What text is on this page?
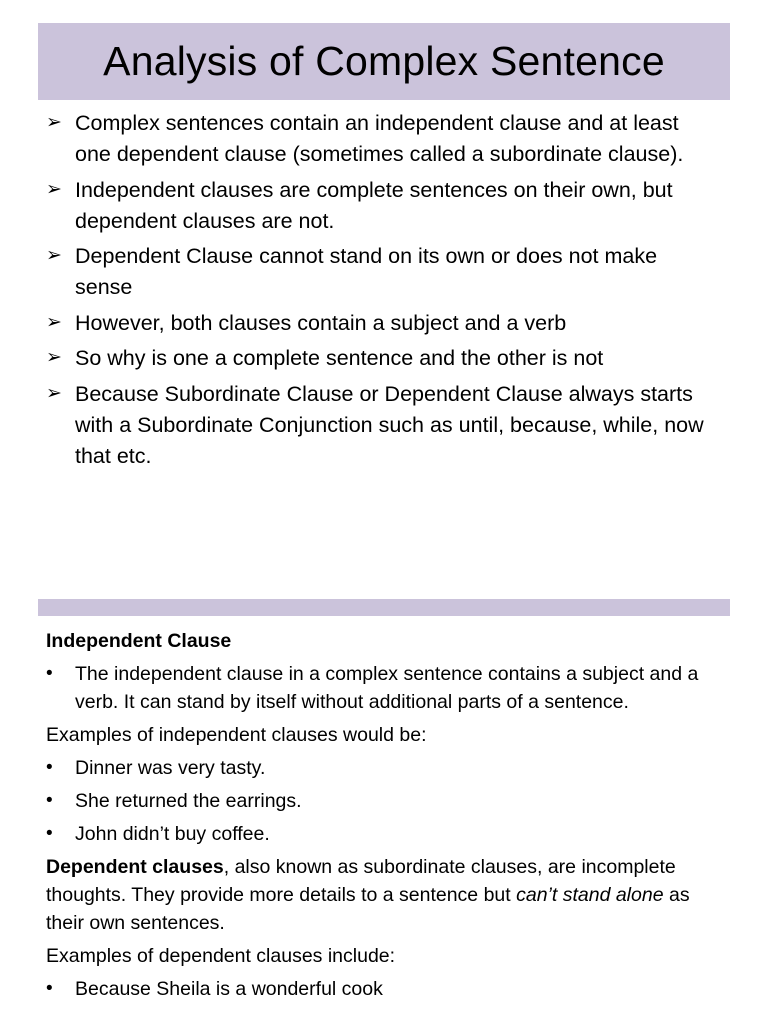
Analysis of Complex Sentence
➢ Complex sentences contain an independent clause and at least one dependent clause (sometimes called a subordinate clause).
➢ Independent clauses are complete sentences on their own, but dependent clauses are not.
➢ Dependent Clause cannot stand on its own or does not make sense
➢ However, both clauses contain a subject and a verb
➢ So why is one a complete sentence and the other is not
➢ Because Subordinate Clause or Dependent Clause always starts with a Subordinate Conjunction such as until, because, while, now that etc.

Independent Clause

• The independent clause in a complex sentence contains a subject and a verb. It can stand by itself without additional parts of a sentence.

Examples of independent clauses would be:

• Dinner was very tasty.
• She returned the earrings.
• John didn’t buy coffee.

Dependent clauses, also known as subordinate clauses, are incomplete thoughts. They provide more details to a sentence but can’t stand alone as their own sentences.

Examples of dependent clauses include:

• Because Sheila is a wonderful cook
